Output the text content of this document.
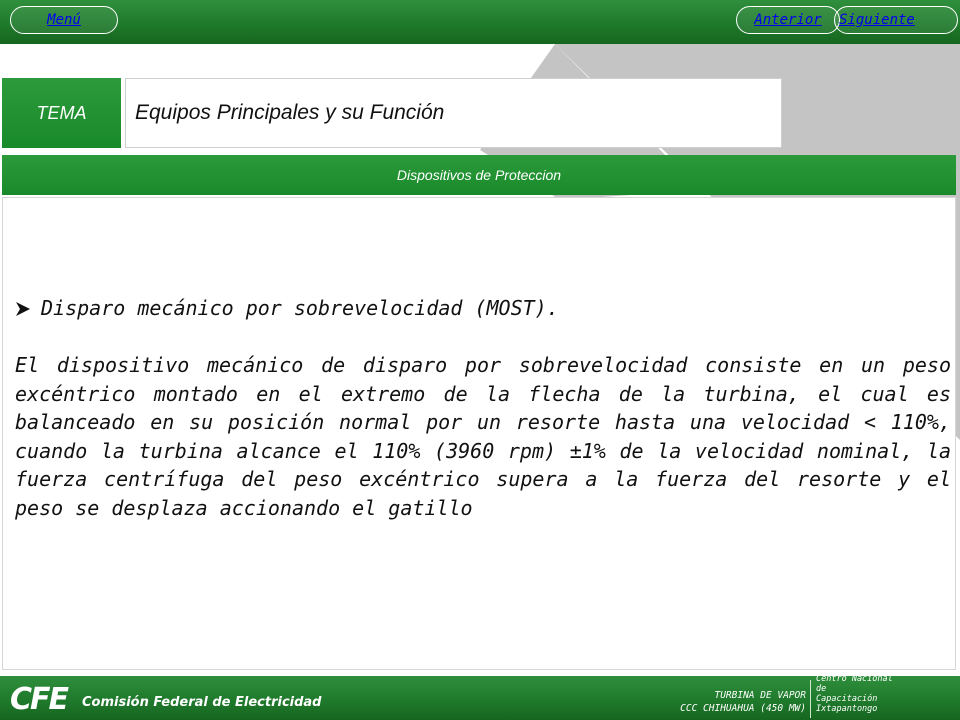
Menú	Anterior	Siguiente
TEMA	Equipos Principales y su Función
Dispositivos de Proteccion
Disparo mecánico por sobrevelocidad (MOST).

El dispositivo mecánico de disparo por sobrevelocidad consiste en un peso excéntrico montado en el extremo de la flecha de la turbina, el cual es balanceado en su posición normal por un resorte hasta una velocidad < 110%, cuando la turbina alcance el 110% (3960 rpm) ±1% de la velocidad nominal, la fuerza centrífuga del peso excéntrico supera a la fuerza del resorte y el peso se desplaza accionando el gatillo

CFE Comisión Federal de Electricidad	TURBINA DE VAPOR
CCC CHIHUAHUA (450 MW)
Centro Nacional
de
Capacitación
Ixtapantongo
